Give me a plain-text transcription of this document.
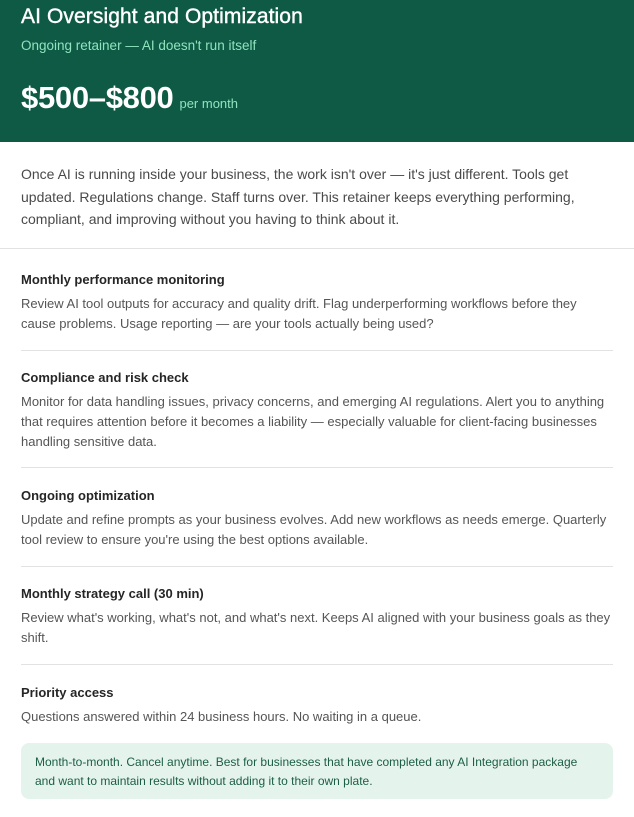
AI Oversight and Optimization
Ongoing retainer — AI doesn't run itself
$500–$800 per month

Once AI is running inside your business, the work isn't over — it's just different. Tools get updated. Regulations change. Staff turns over. This retainer keeps everything performing, compliant, and improving without you having to think about it.

Monthly performance monitoring
Review AI tool outputs for accuracy and quality drift. Flag underperforming workflows before they cause problems. Usage reporting — are your tools actually being used?
Compliance and risk check
Monitor for data handling issues, privacy concerns, and emerging AI regulations. Alert you to anything that requires attention before it becomes a liability — especially valuable for client-facing businesses handling sensitive data.
Ongoing optimization
Update and refine prompts as your business evolves. Add new workflows as needs emerge. Quarterly tool review to ensure you're using the best options available.
Monthly strategy call (30 min)
Review what's working, what's not, and what's next. Keeps AI aligned with your business goals as they shift.
Priority access
Questions answered within 24 business hours. No waiting in a queue.
Month-to-month. Cancel anytime. Best for businesses that have completed any AI Integration package and want to maintain results without adding it to their own plate.
